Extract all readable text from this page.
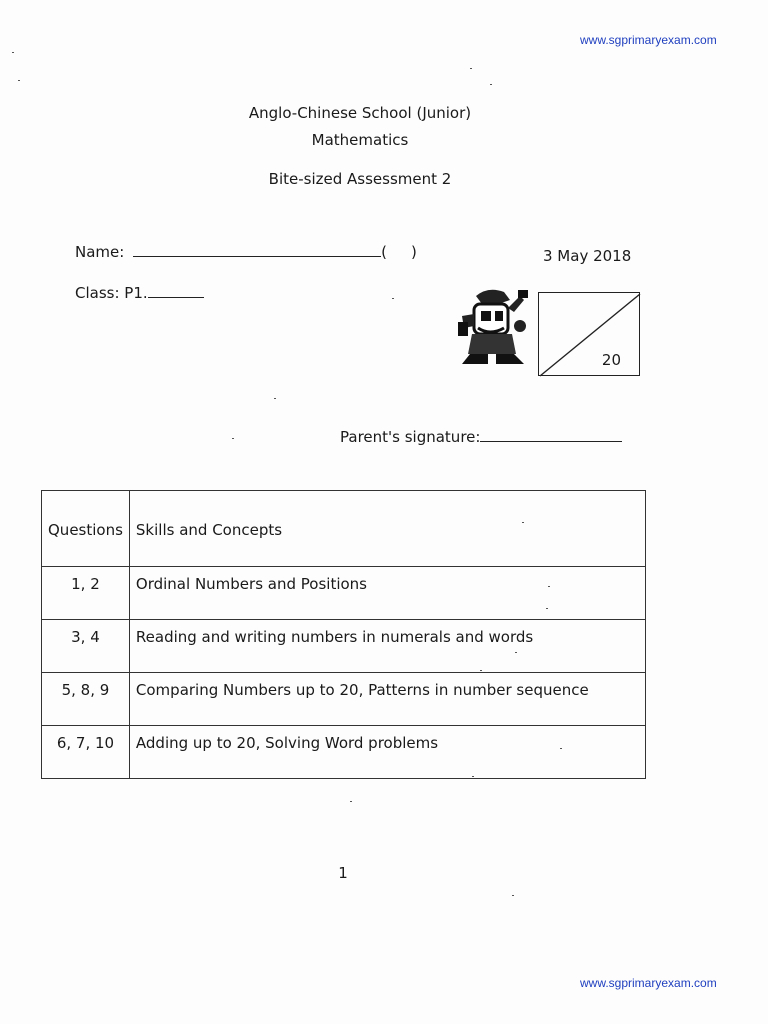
www.sgprimaryexam.com
www.sgprimaryexam.com
Anglo-Chinese School (Junior)
Mathematics
Bite-sized Assessment 2
Name:	( )	3 May 2018
Class: P1.
20
Parent's signature:
Questions	Skills and Concepts
1, 2	Ordinal Numbers and Positions
3, 4	Reading and writing numbers in numerals and words
5, 8, 9	Comparing Numbers up to 20, Patterns in number sequence
6, 7, 10	Adding up to 20, Solving Word problems
1
